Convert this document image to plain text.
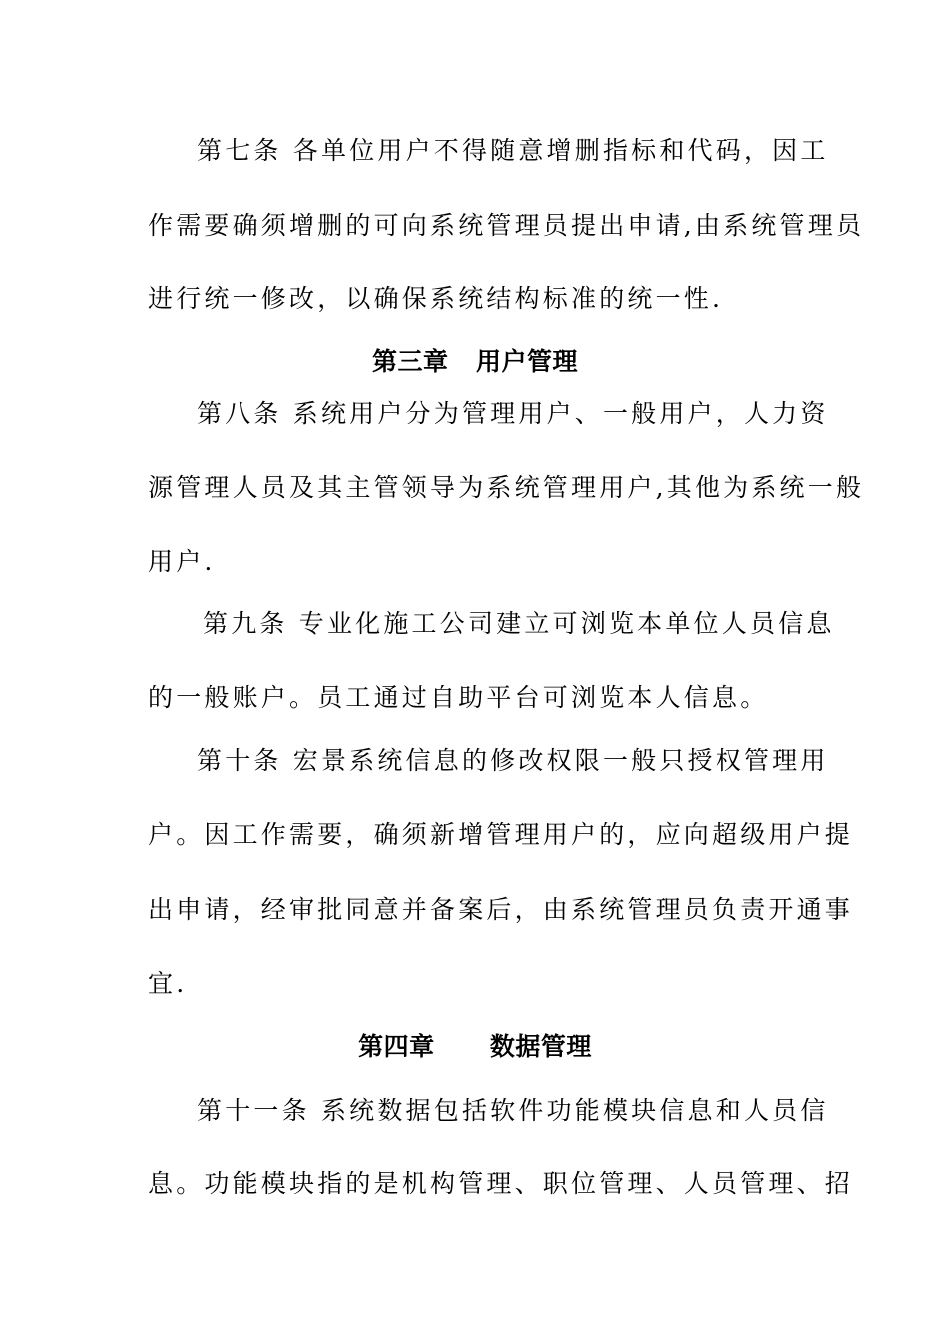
第七条 各单位用户不得随意增删指标和代码，因工
作需要确须增删的可向系统管理员提出申请,由系统管理员
进行统一修改，以确保系统结构标准的统一性.
第三章   用户管理
第八条 系统用户分为管理用户、一般用户，人力资
源管理人员及其主管领导为系统管理用户,其他为系统一般
用户.
第九条 专业化施工公司建立可浏览本单位人员信息
的一般账户。员工通过自助平台可浏览本人信息。
第十条 宏景系统信息的修改权限一般只授权管理用
户。因工作需要，确须新增管理用户的，应向超级用户提
出申请，经审批同意并备案后，由系统管理员负责开通事
宜.
第四章      数据管理
第十一条 系统数据包括软件功能模块信息和人员信
息。功能模块指的是机构管理、职位管理、人员管理、招
